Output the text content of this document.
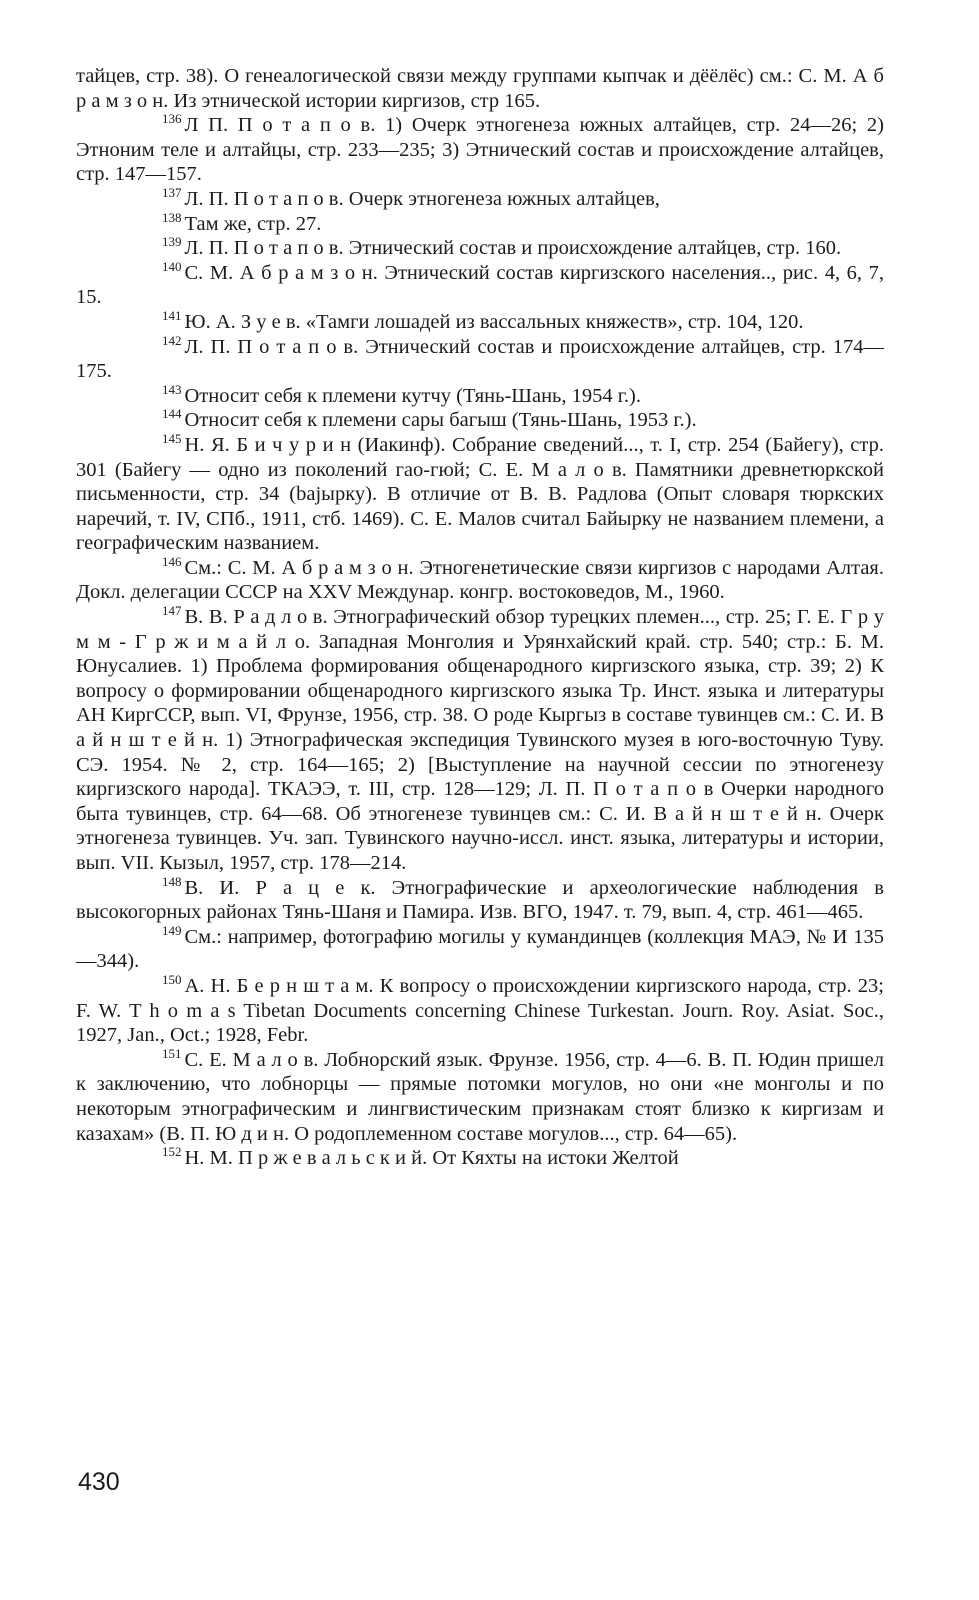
тайцев, стр. 38). О генеалогической связи между группами кыпчак и дёёлёс) см.: С. М. А б р а м з о н. Из этнической истории киргизов, стр 165.

$^{136}$ Л П. П о т а п о в. 1) Очерк этногенеза южных алтайцев, стр. 24—26; 2) Этноним теле и алтайцы, стр. 233—235; 3) Этнический состав и происхождение алтайцев, стр. 147—157.

$^{137}$ Л. П. П о т а п о в. Очерк этногенеза южных алтайцев,

$^{138}$ Там же, стр. 27.

$^{139}$ Л. П. П о т а п о в. Этнический состав и происхождение алтайцев, стр. 160.

$^{140}$ С. М. А б р а м з о н. Этнический состав киргизского населения.., рис. 4, 6, 7, 15.

$^{141}$ Ю. А. З у е в. «Тамги лошадей из вассальных княжеств», стр. 104, 120.

$^{142}$ Л. П. П о т а п о в. Этнический состав и происхождение алтайцев, стр. 174—175.

$^{143}$ Относит себя к племени кутчу (Тянь-Шань, 1954 г.).

$^{144}$ Относит себя к племени сары багыш (Тянь-Шань, 1953 г.).

$^{145}$ Н. Я. Б и ч у р и н (Иакинф). Собрание сведений..., т. I, стр. 254 (Байегу), стр. 301 (Байегу — одно из поколений гао-гюй; С. Е. М а л о в. Памятники древнетюркской письменности, стр. 34 (bajырку). В отличие от В. В. Радлова (Опыт словаря тюркских наречий, т. IV, СПб., 1911, стб. 1469). С. Е. Малов считал Байырку не названием племени, а географическим названием.

$^{146}$ См.: С. М. А б р а м з о н. Этногенетические связи киргизов с народами Алтая. Докл. делегации СССР на XXV Междунар. конгр. востоковедов, М., 1960.

$^{147}$ В. В. Р а д л о в. Этнографический обзор турецких племен..., стр. 25; Г. Е. Г р у м м - Г р ж и м а й л о. Западная Монголия и Урянхайский край. стр. 540; стр.: Б. М. Юнусалиев. 1) Проблема формирования общенародного киргизского языка, стр. 39; 2) К вопросу о формировании общенародного киргизского языка Тр. Инст. языка и литературы АН КиргССР, вып. VI, Фрунзе, 1956, стр. 38. О роде Кыргыз в составе тувинцев см.: С. И. В а й н ш т е й н. 1) Этнографическая экспедиция Тувинского музея в юго-восточную Туву. СЭ. 1954. № 2, стр. 164—165; 2) [Выступление на научной сессии по этногенезу киргизского народа]. ТКАЭЭ, т. III, стр. 128—129; Л. П. П о т а п о в Очерки народного быта тувинцев, стр. 64—68. Об этногенезе тувинцев см.: С. И. В а й н ш т е й н. Очерк этногенеза тувинцев. Уч. зап. Тувинского научно-иссл. инст. языка, литературы и истории, вып. VII. Кызыл, 1957, стр. 178—214.

$^{148}$ В. И. Р а ц е к. Этнографические и археологические наблюдения в высокогорных районах Тянь-Шаня и Памира. Изв. ВГО, 1947. т. 79, вып. 4, стр. 461—465.

$^{149}$ См.: например, фотографию могилы у кумандинцев (коллекция МАЭ, № И 135—344).

$^{150}$ А. Н. Б е р н ш т а м. К вопросу о происхождении киргизского народа, стр. 23; F. W. T h o m a s Tibetan Documents concerning Chinese Turkestan. Journ. Roy. Asiat. Soc., 1927, Jan., Oct.; 1928, Febr.

$^{151}$ С. Е. М а л о в. Лобнорский язык. Фрунзе. 1956, стр. 4—6. В. П. Юдин пришел к заключению, что лобнорцы — прямые потомки могулов, но они «не монголы и по некоторым этнографическим и лингвистическим признакам стоят близко к киргизам и казахам» (В. П. Ю д и н. О родоплеменном составе могулов..., стр. 64—65).

$^{152}$ Н. М. П р ж е в а л ь с к и й. От Кяхты на истоки Желтой

430
